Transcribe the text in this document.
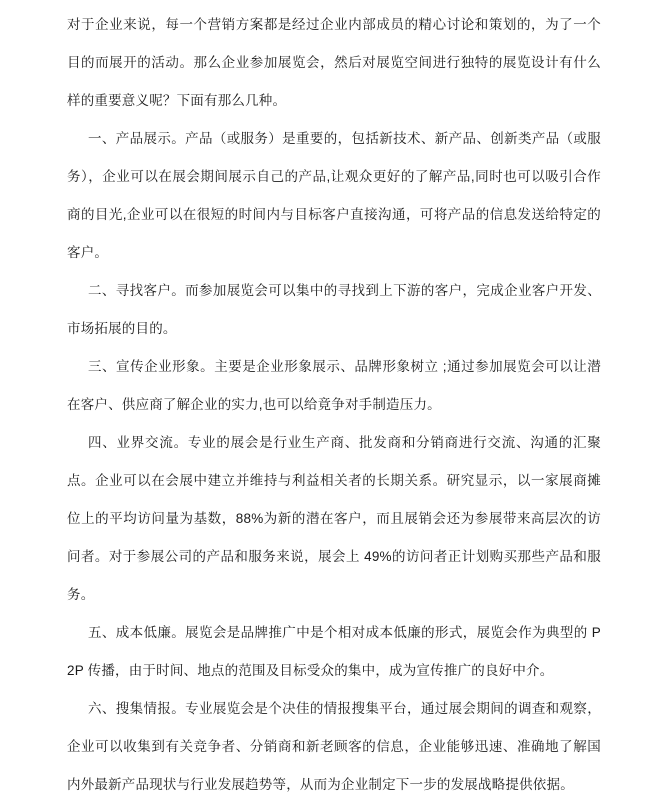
对于企业来说，每一个营销方案都是经过企业内部成员的精心讨论和策划的，为了一个目的而展开的活动。那么企业参加展览会，然后对展览空间进行独特的展览设计有什么样的重要意义呢？下面有那么几种。

一、产品展示。产品（或服务）是重要的，包括新技术、新产品、创新类产品（或服务），企业可以在展会期间展示自己的产品,让观众更好的了解产品,同时也可以吸引合作商的目光,企业可以在很短的时间内与目标客户直接沟通，可将产品的信息发送给特定的客户。

二、寻找客户。而参加展览会可以集中的寻找到上下游的客户，完成企业客户开发、市场拓展的目的。

三、宣传企业形象。主要是企业形象展示、品牌形象树立 ;通过参加展览会可以让潜在客户、供应商了解企业的实力,也可以给竟争对手制造压力。

四、业界交流。专业的展会是行业生产商、批发商和分销商进行交流、沟通的汇聚点。企业可以在会展中建立并维持与利益相关者的长期关系。研究显示，以一家展商摊位上的平均访问量为基数，88%为新的潜在客户，而且展销会还为参展带来高层次的访问者。对于参展公司的产品和服务来说，展会上 49%的访问者正计划购买那些产品和服务。

五、成本低廉。展览会是品牌推广中是个相对成本低廉的形式，展览会作为典型的 P2P 传播，由于时间、地点的范围及目标受众的集中，成为宣传推广的良好中介。

六、搜集情报。专业展览会是个决佳的情报搜集平台，通过展会期间的调查和观察，企业可以收集到有关竞争者、分销商和新老顾客的信息，企业能够迅速、准确地了解国内外最新产品现状与行业发展趋势等，从而为企业制定下一步的发展战略提供依据。
